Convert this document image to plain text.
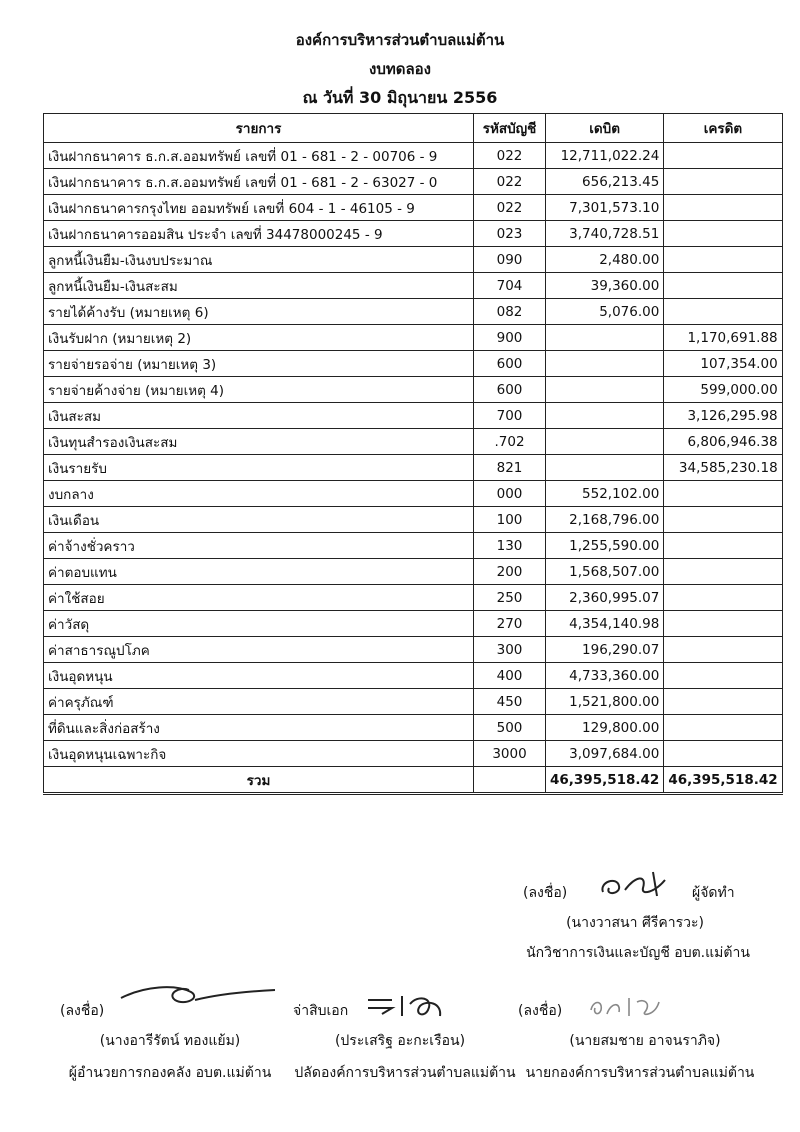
องค์การบริหารส่วนตำบลแม่ต้าน
งบทดลอง
ณ วันที่ 30 มิถุนายน 2556
รายการ	รหัสบัญชี	เดบิต	เครดิต
เงินฝากธนาคาร ธ.ก.ส.ออมทรัพย์ เลขที่ 01 - 681 - 2 - 00706 - 9	022	12,711,022.24	
เงินฝากธนาคาร ธ.ก.ส.ออมทรัพย์ เลขที่ 01 - 681 - 2 - 63027 - 0	022	656,213.45	
เงินฝากธนาคารกรุงไทย ออมทรัพย์ เลขที่ 604 - 1 - 46105 - 9	022	7,301,573.10	
เงินฝากธนาคารออมสิน ประจำ เลขที่ 34478000245 - 9	023	3,740,728.51	
ลูกหนี้เงินยืม-เงินงบประมาณ	090	2,480.00	
ลูกหนี้เงินยืม-เงินสะสม	704	39,360.00	
รายได้ค้างรับ (หมายเหตุ 6)	082	5,076.00	
เงินรับฝาก (หมายเหตุ 2)	900		1,170,691.88
รายจ่ายรอจ่าย (หมายเหตุ 3)	600		107,354.00
รายจ่ายค้างจ่าย (หมายเหตุ 4)	600		599,000.00
เงินสะสม	700		3,126,295.98
เงินทุนสำรองเงินสะสม	.702		6,806,946.38
เงินรายรับ	821		34,585,230.18
งบกลาง	000	552,102.00	
เงินเดือน	100	2,168,796.00	
ค่าจ้างชั่วคราว	130	1,255,590.00	
ค่าตอบแทน	200	1,568,507.00	
ค่าใช้สอย	250	2,360,995.07	
ค่าวัสดุ	270	4,354,140.98	
ค่าสาธารณูปโภค	300	196,290.07	
เงินอุดหนุน	400	4,733,360.00	
ค่าครุภัณฑ์	450	1,521,800.00	
ที่ดินและสิ่งก่อสร้าง	500	129,800.00	
เงินอุดหนุนเฉพาะกิจ	3000	3,097,684.00	
รวม		46,395,518.42	46,395,518.42
(ลงชื่อ)	ผู้จัดทำ
(นางวาสนา ศีรีคารวะ)
นักวิชาการเงินและบัญชี อบต.แม่ต้าน
(ลงชื่อ)
(นางอารีรัตน์ ทองแย้ม)
ผู้อำนวยการกองคลัง อบต.แม่ต้าน
จ่าสิบเอก
(ประเสริฐ อะกะเรือน)
ปลัดองค์การบริหารส่วนตำบลแม่ต้าน
(ลงชื่อ)
(นายสมชาย อาจนราภิจ)
นายกองค์การบริหารส่วนตำบลแม่ต้าน
